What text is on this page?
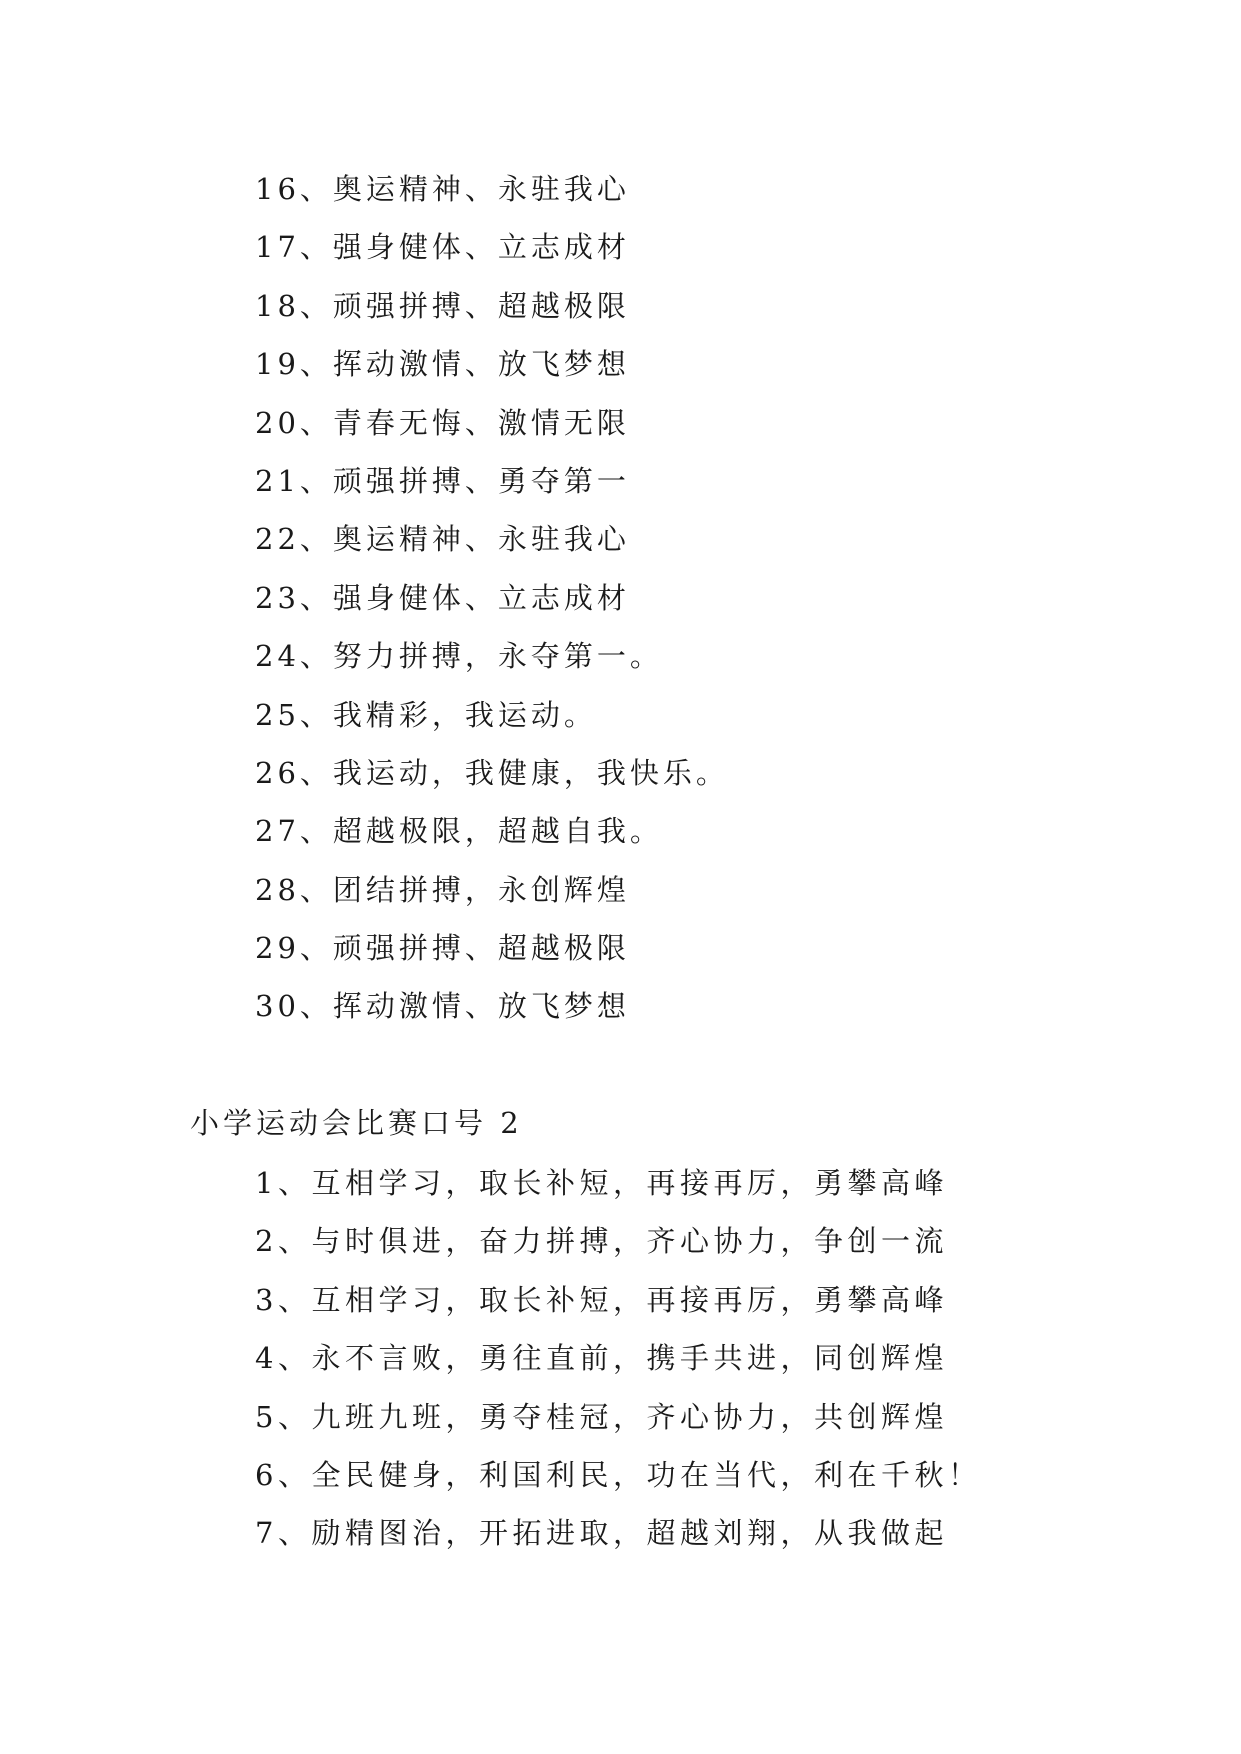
16、奥运精神、永驻我心
17、强身健体、立志成材
18、顽强拼搏、超越极限
19、挥动激情、放飞梦想
20、青春无悔、激情无限
21、顽强拼搏、勇夺第一
22、奥运精神、永驻我心
23、强身健体、立志成材
24、努力拼搏，永夺第一。
25、我精彩，我运动。
26、我运动，我健康，我快乐。
27、超越极限，超越自我。
28、团结拼搏，永创辉煌
29、顽强拼搏、超越极限
30、挥动激情、放飞梦想
小学运动会比赛口号 2
1、互相学习，取长补短，再接再厉，勇攀高峰
2、与时俱进，奋力拼搏，齐心协力，争创一流
3、互相学习，取长补短，再接再厉，勇攀高峰
4、永不言败，勇往直前，携手共进，同创辉煌
5、九班九班，勇夺桂冠，齐心协力，共创辉煌
6、全民健身，利国利民，功在当代，利在千秋！
7、励精图治，开拓进取，超越刘翔，从我做起
